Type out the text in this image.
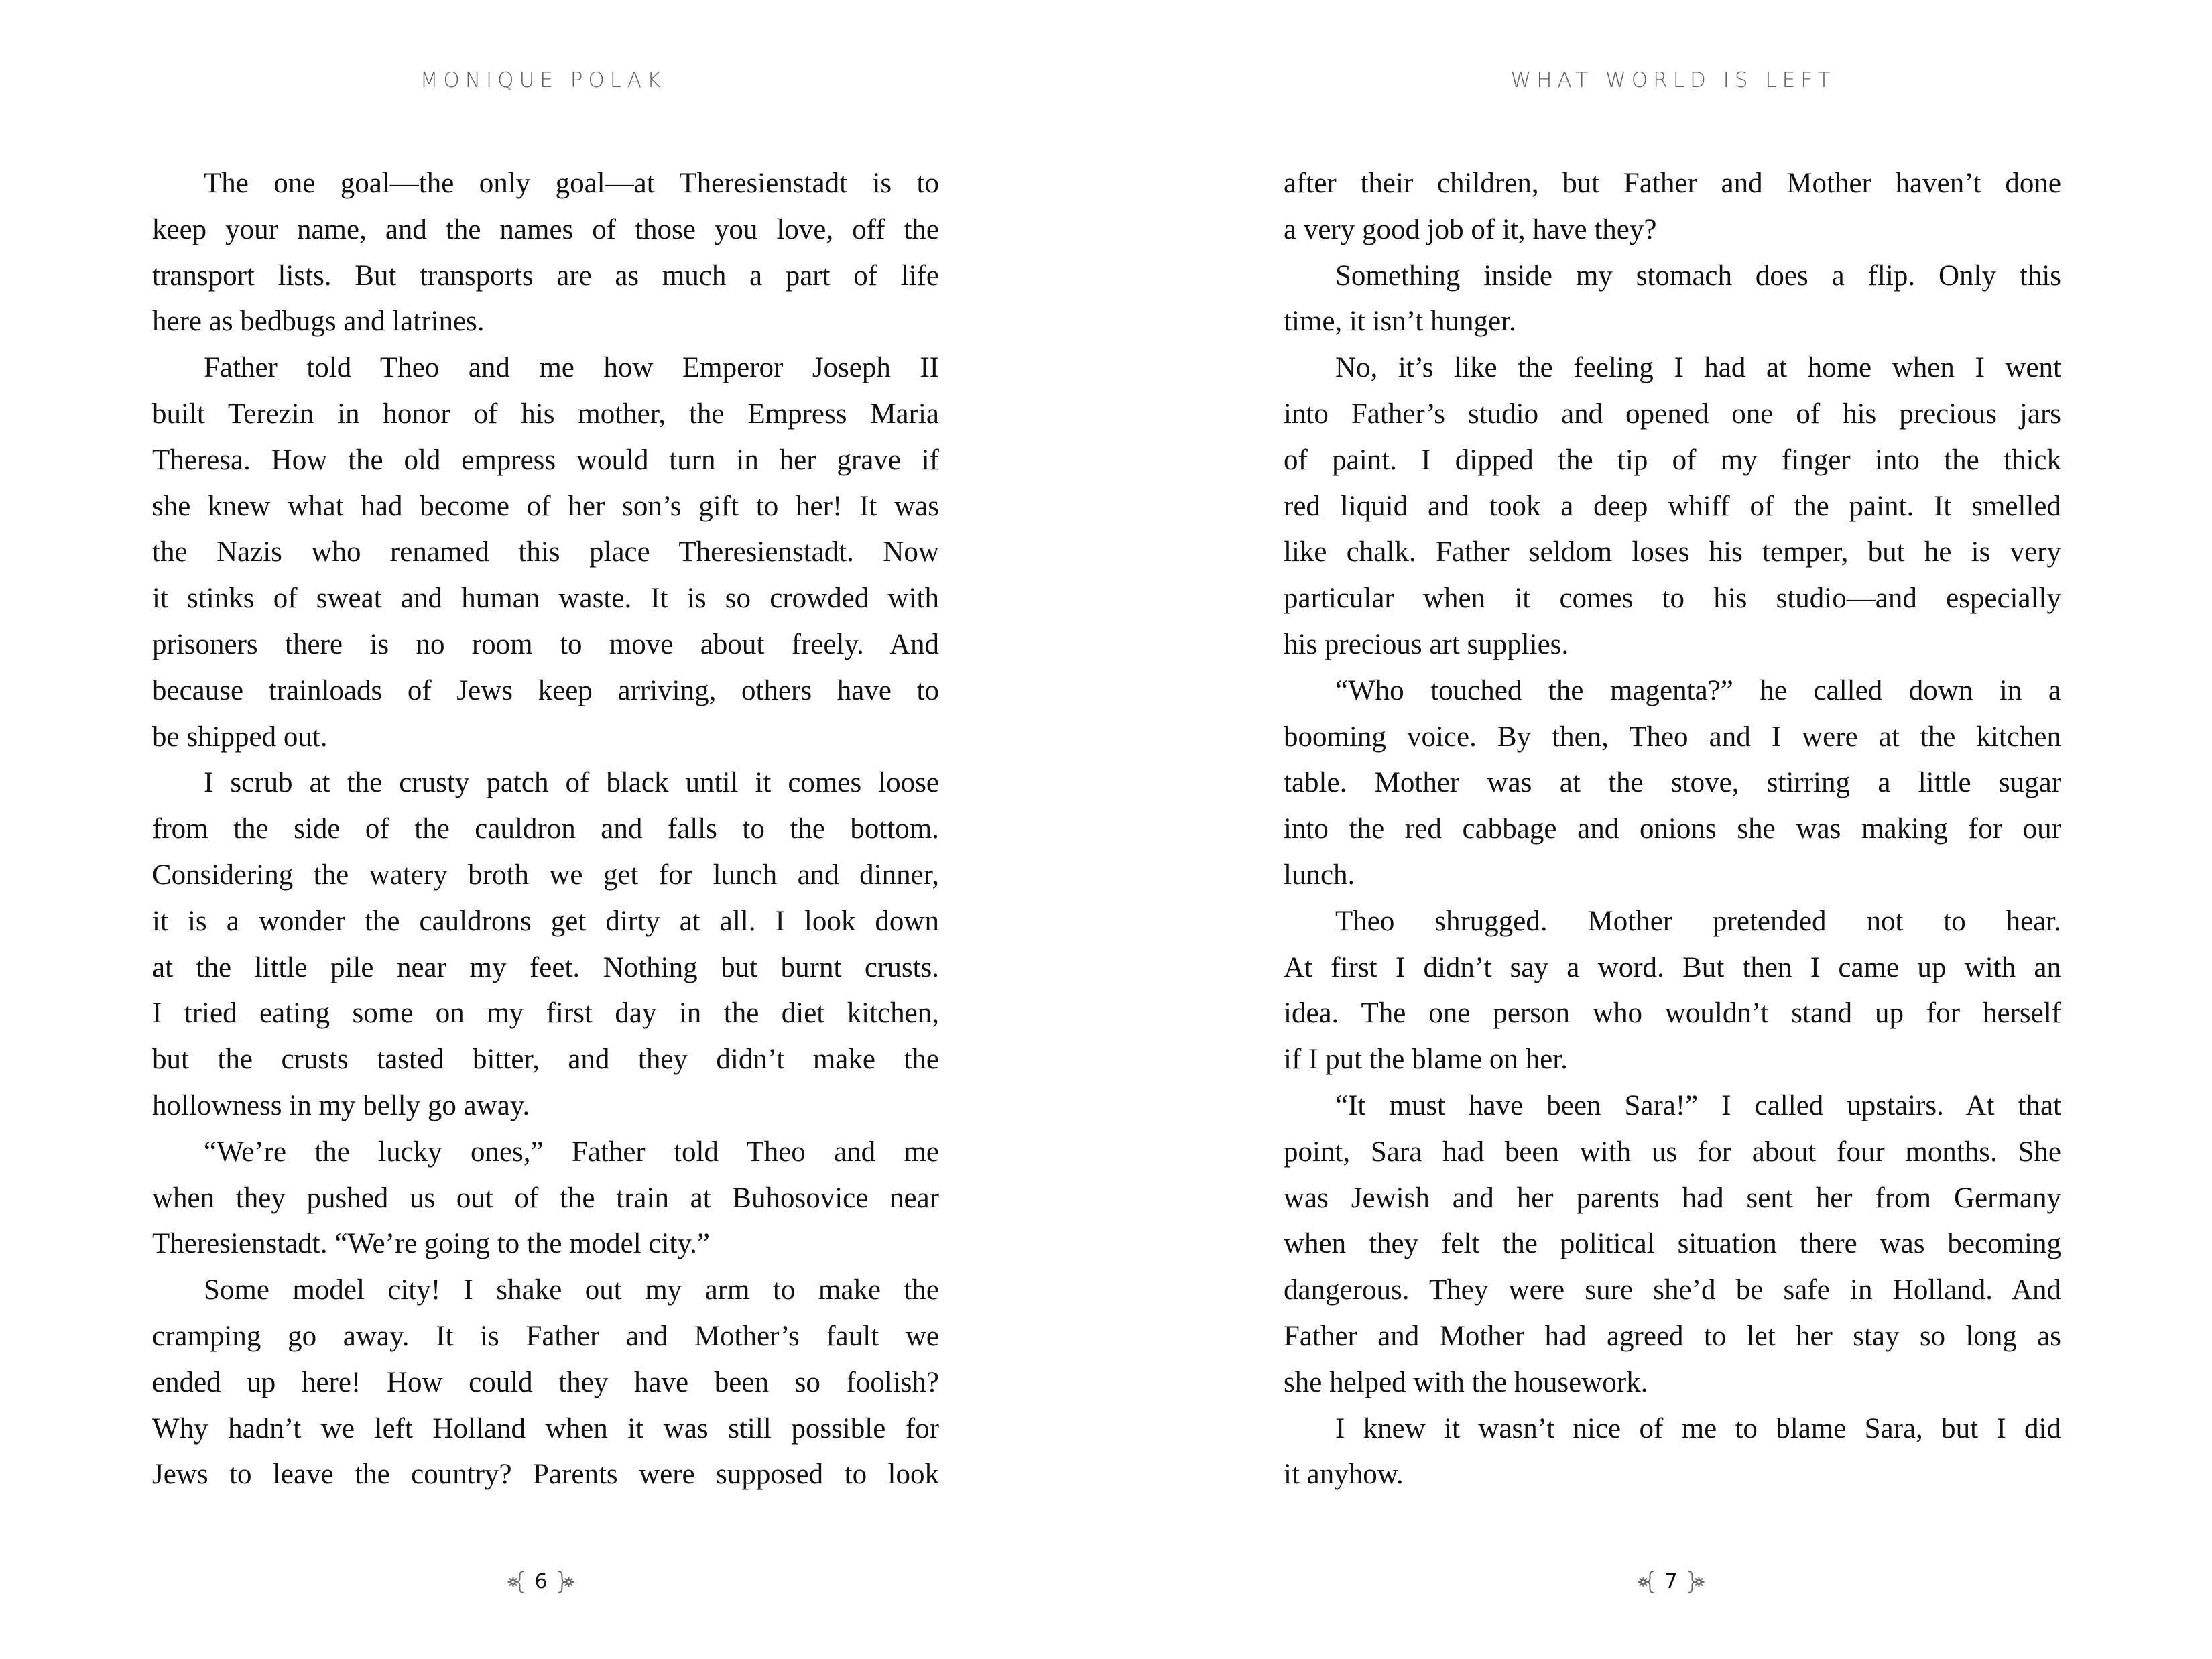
MONIQUE POLAK
The one goal—the only goal—at Theresienstadt is to
keep your name, and the names of those you love, off the
transport lists. But transports are as much a part of life
here as bedbugs and latrines.
Father told Theo and me how Emperor Joseph II
built Terezin in honor of his mother, the Empress Maria
Theresa. How the old empress would turn in her grave if
she knew what had become of her son’s gift to her! It was
the Nazis who renamed this place Theresienstadt. Now
it stinks of sweat and human waste. It is so crowded with
prisoners there is no room to move about freely. And
because trainloads of Jews keep arriving, others have to
be shipped out.
I scrub at the crusty patch of black until it comes loose
from the side of the cauldron and falls to the bottom.
Considering the watery broth we get for lunch and dinner,
it is a wonder the cauldrons get dirty at all. I look down
at the little pile near my feet. Nothing but burnt crusts.
I tried eating some on my first day in the diet kitchen,
but the crusts tasted bitter, and they didn’t make the
hollowness in my belly go away.
“We’re the lucky ones,” Father told Theo and me
when they pushed us out of the train at Buhosovice near
Theresienstadt. “We’re going to the model city.”
Some model city! I shake out my arm to make the
cramping go away. It is Father and Mother’s fault we
ended up here! How could they have been so foolish?
Why hadn’t we left Holland when it was still possible for
Jews to leave the country? Parents were supposed to look
6
WHAT WORLD IS LEFT
after their children, but Father and Mother haven’t done
a very good job of it, have they?
Something inside my stomach does a flip. Only this
time, it isn’t hunger.
No, it’s like the feeling I had at home when I went
into Father’s studio and opened one of his precious jars
of paint. I dipped the tip of my finger into the thick
red liquid and took a deep whiff of the paint. It smelled
like chalk. Father seldom loses his temper, but he is very
particular when it comes to his studio—and especially
his precious art supplies.
“Who touched the magenta?” he called down in a
booming voice. By then, Theo and I were at the kitchen
table. Mother was at the stove, stirring a little sugar
into the red cabbage and onions she was making for our
lunch.
Theo shrugged. Mother pretended not to hear.
At first I didn’t say a word. But then I came up with an
idea. The one person who wouldn’t stand up for herself
if I put the blame on her.
“It must have been Sara!” I called upstairs. At that
point, Sara had been with us for about four months. She
was Jewish and her parents had sent her from Germany
when they felt the political situation there was becoming
dangerous. They were sure she’d be safe in Holland. And
Father and Mother had agreed to let her stay so long as
she helped with the housework.
I knew it wasn’t nice of me to blame Sara, but I did
it anyhow.
7
